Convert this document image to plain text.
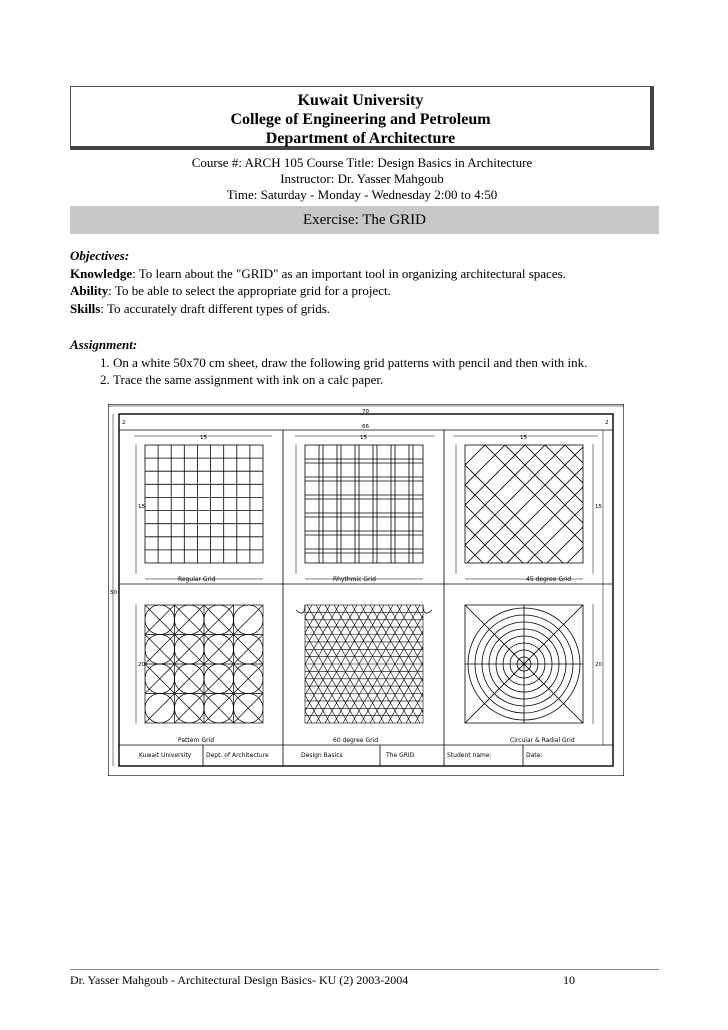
Kuwait University
College of Engineering and Petroleum
Department of Architecture
Course #: ARCH 105 Course Title: Design Basics in Architecture
Instructor: Dr. Yasser Mahgoub
Time: Saturday - Monday - Wednesday 2:00 to 4:50
Exercise: The GRID
Objectives:
Knowledge: To learn about the "GRID" as an important tool in organizing architectural spaces.
Ability: To be able to select the appropriate grid for a project.
Skills: To accurately draft different types of grids.
Assignment:
1. On a white 50x70 cm sheet, draw the following grid patterns with pencil and then with ink.
2. Trace the same assignment with ink on a calc paper.
70
66
50
15	15	15
15	15
2	2
20	20
Regular Grid	Rhythmic Grid	45 degree Grid
Pattern Grid	60 degree Grid	Circular & Radial Grid
Kuwait University Dept. of Architecture	Design Basics	The GRID	Student name:	Date:
Dr. Yasser Mahgoub - Architectural Design Basics- KU (2) 2003-2004	10
